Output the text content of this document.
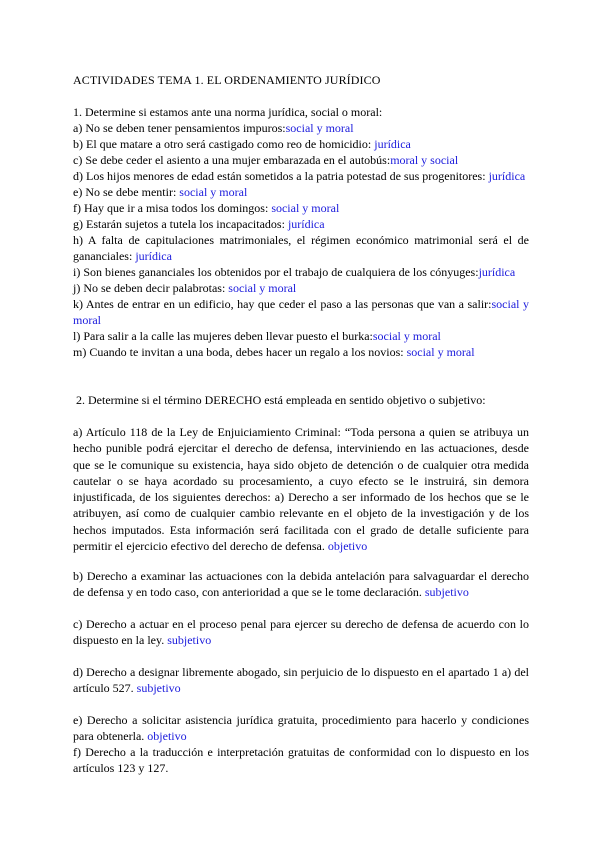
ACTIVIDADES TEMA 1. EL ORDENAMIENTO JURÍDICO

1. Determine si estamos ante una norma jurídica, social o moral:

a) No se deben tener pensamientos impuros:social y moral

b) El que matare a otro será castigado como reo de homicidio: jurídica

c) Se debe ceder el asiento a una mujer embarazada en el autobús:moral y social

d) Los hijos menores de edad están sometidos a la patria potestad de sus progenitores: jurídica

e) No se debe mentir: social y moral

f) Hay que ir a misa todos los domingos: social y moral

g) Estarán sujetos a tutela los incapacitados: jurídica

h) A falta de capitulaciones matrimoniales, el régimen económico matrimonial será el de gananciales: jurídica

i) Son bienes gananciales los obtenidos por el trabajo de cualquiera de los cónyuges:jurídica

j) No se deben decir palabrotas: social y moral

k) Antes de entrar en un edificio, hay que ceder el paso a las personas que van a salir:social y moral

l) Para salir a la calle las mujeres deben llevar puesto el burka:social y moral

m) Cuando te invitan a una boda, debes hacer un regalo a los novios: social y moral

2. Determine si el término DERECHO está empleada en sentido objetivo o subjetivo:

a) Artículo 118 de la Ley de Enjuiciamiento Criminal: “Toda persona a quien se atribuya un hecho punible podrá ejercitar el derecho de defensa, interviniendo en las actuaciones, desde que se le comunique su existencia, haya sido objeto de detención o de cualquier otra medida cautelar o se haya acordado su procesamiento, a cuyo efecto se le instruirá, sin demora injustificada, de los siguientes derechos: a) Derecho a ser informado de los hechos que se le atribuyen, así como de cualquier cambio relevante en el objeto de la investigación y de los hechos imputados. Esta información será facilitada con el grado de detalle suficiente para permitir el ejercicio efectivo del derecho de defensa. objetivo

b) Derecho a examinar las actuaciones con la debida antelación para salvaguardar el derecho de defensa y en todo caso, con anterioridad a que se le tome declaración. subjetivo

c) Derecho a actuar en el proceso penal para ejercer su derecho de defensa de acuerdo con lo dispuesto en la ley. subjetivo

d) Derecho a designar libremente abogado, sin perjuicio de lo dispuesto en el apartado 1 a) del artículo 527. subjetivo

e) Derecho a solicitar asistencia jurídica gratuita, procedimiento para hacerlo y condiciones para obtenerla. objetivo

f) Derecho a la traducción e interpretación gratuitas de conformidad con lo dispuesto en los artículos 123 y 127.
